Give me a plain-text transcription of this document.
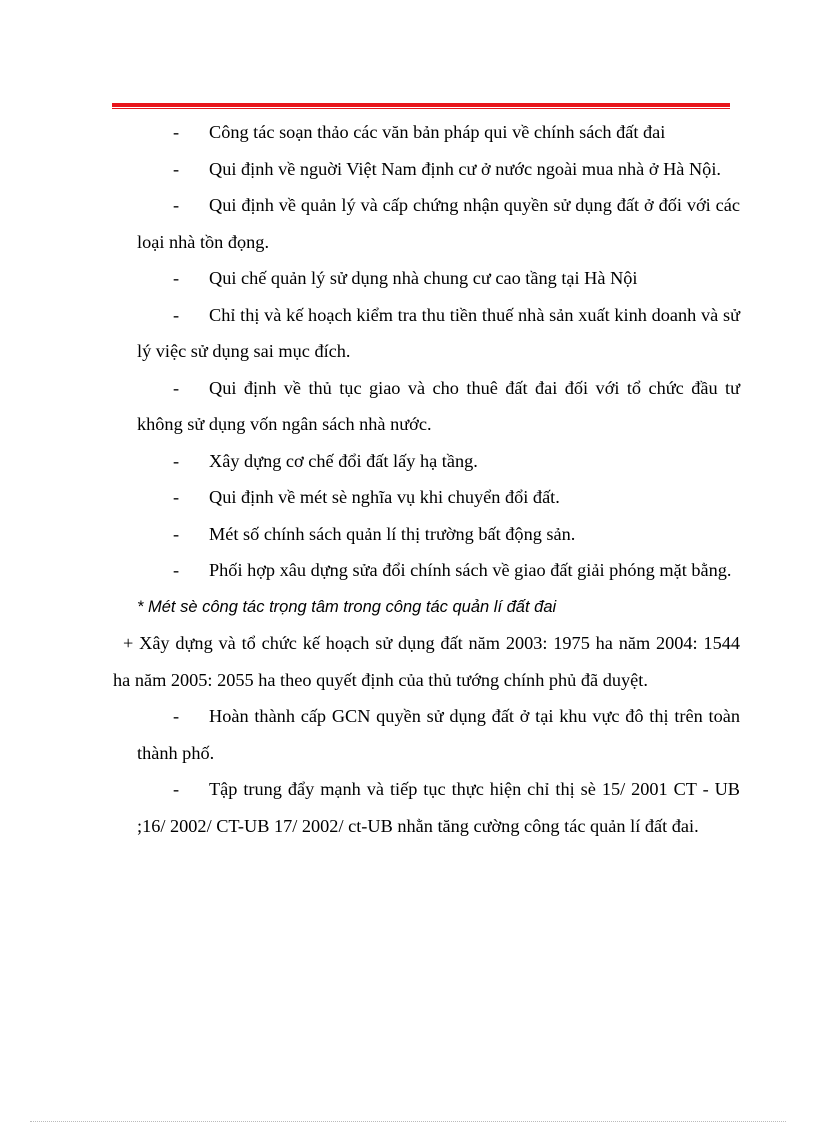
- Công tác soạn thảo các văn bản pháp qui về chính sách đất đai

- Qui định về nguời Việt Nam định cư ở nước ngoài mua nhà ở Hà Nội.

- Qui định về quản lý và cấp chứng nhận quyền sử dụng đất ở đối với các loại nhà tồn đọng.

- Qui chế quản lý sử dụng nhà chung cư cao tầng tại Hà Nội

- Chỉ thị và kế hoạch kiểm tra thu tiền thuế nhà sản xuất kinh doanh và sử lý việc sử dụng sai mục đích.

- Qui định về thủ tục giao và cho thuê đất đai đối với tổ chức đầu tư không sử dụng vốn ngân sách nhà nước.

- Xây dựng cơ chế đổi đất lấy hạ tầng.

- Qui định về mét sè nghĩa vụ khi chuyển đổi đất.

- Mét số chính sách quản lí thị trường bất động sản.

- Phối hợp xâu dựng sửa đổi chính sách về giao đất giải phóng mặt bằng.

* Mét sè công tác trọng tâm trong công tác quản lí đất đai

+ Xây dựng và tổ chức kế hoạch sử dụng đất năm 2003: 1975 ha năm 2004: 1544 ha năm 2005: 2055 ha theo quyết định của thủ tướng chính phủ đã duyệt.

- Hoàn thành cấp GCN quyền sử dụng đất ở tại khu vực đô thị trên toàn thành phố.

- Tập trung đẩy mạnh và tiếp tục thực hiện chỉ thị sè 15/ 2001 CT - UB ;16/ 2002/ CT-UB 17/ 2002/ ct-UB nhằn tăng cường công tác quản lí đất đai.
